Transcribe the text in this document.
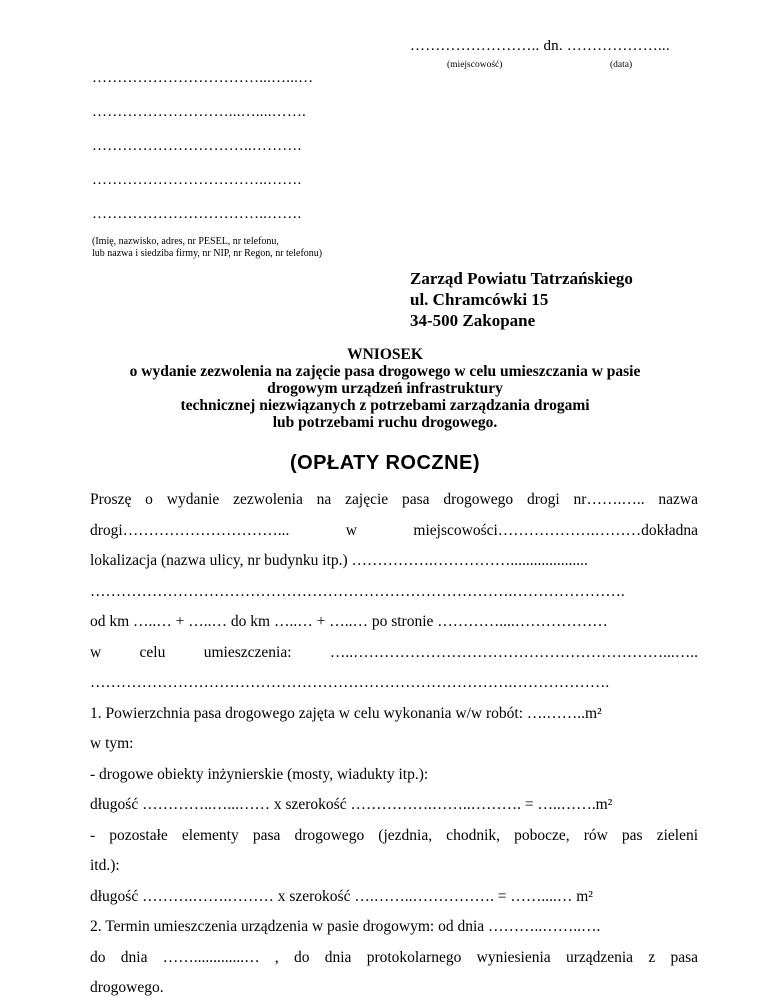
…………………….. dn. ………………...
(miejscowość)	(data)
……………………………...…...…
………………………...…....…….
…………………………..……….
……………………………..…….
……………………………..…….
(Imię, nazwisko, adres, nr PESEL, nr telefonu,
lub nazwa i siedziba firmy, nr NIP, nr Regon, nr telefonu)
Zarząd Powiatu Tatrzańskiego
ul. Chramcówki 15
34-500 Zakopane
WNIOSEK
o wydanie zezwolenia na zajęcie pasa drogowego w celu umieszczania w pasie
drogowym urządzeń infrastruktury
technicznej niezwiązanych z potrzebami zarządzania drogami
lub potrzebami ruchu drogowego.
(OPŁATY ROCZNE)
Proszę o wydanie zezwolenia na zajęcie pasa drogowego drogi nr…….….. nazwa
drogi…………………………... w miejscowości……………….………dokładna
lokalizacja (nazwa ulicy, nr budynku itp.) …………….……………....................
……………………………………………………………………….………………….
od km …..… + …..… do km …..… + …..… po stronie …………....………………
w celu umieszczenia: …..……………………………………………………...…..
……………………………………………………………………….……………….
1. Powierzchnia pasa drogowego zajęta w celu wykonania w/w robót: ….……..m²
w tym:
- drogowe obiekty inżynierskie (mosty, wiadukty itp.):
długość …………..…...…… x szerokość …………….……..………. = …..…….m²
- pozostałe elementy pasa drogowego (jezdnia, chodnik, pobocze, rów pas zieleni
itd.):
długość ……….…….……… x szerokość ….……..……………. = ……....… m²
2. Termin umieszczenia urządzenia w pasie drogowym: od dnia ………..……..….
do dnia …….............… , do dnia protokolarnego wyniesienia urządzenia z pasa
drogowego.
